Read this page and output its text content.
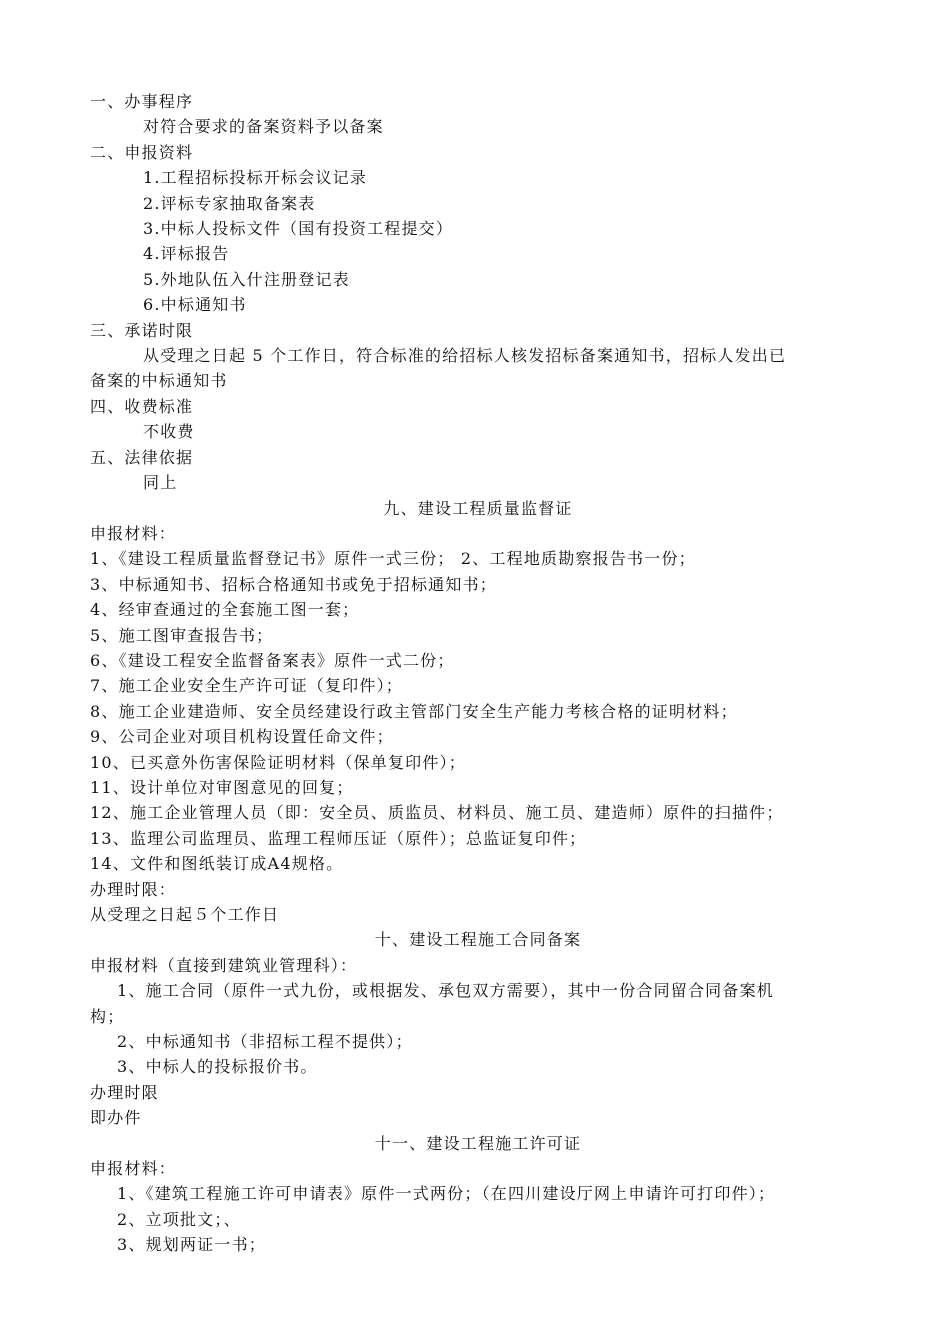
一、办事程序
对符合要求的备案资料予以备案
二、申报资料
1.工程招标投标开标会议记录
2.评标专家抽取备案表
3.中标人投标文件（国有投资工程提交）
4.评标报告
5.外地队伍入什注册登记表
6.中标通知书
三、承诺时限
从受理之日起 5 个工作日，符合标准的给招标人核发招标备案通知书，招标人发出已
备案的中标通知书
四、收费标准
不收费
五、法律依据
同上
九、建设工程质量监督证
申报材料：
1、《建设工程质量监督登记书》原件一式三份； 2、工程地质勘察报告书一份；
3、中标通知书、招标合格通知书或免于招标通知书；
4、经审查通过的全套施工图一套；
5、施工图审查报告书；
6、《建设工程安全监督备案表》原件一式二份；
7、施工企业安全生产许可证（复印件）；
8、施工企业建造师、安全员经建设行政主管部门安全生产能力考核合格的证明材料；
9、公司企业对项目机构设置任命文件；
10、已买意外伤害保险证明材料（保单复印件）；
11、设计单位对审图意见的回复；
12、施工企业管理人员（即：安全员、质监员、材料员、施工员、建造师）原件的扫描件；
13、监理公司监理员、监理工程师压证（原件）；总监证复印件；
14、文件和图纸装订成A4规格。
办理时限：
从受理之日起５个工作日
十、建设工程施工合同备案
申报材料（直接到建筑业管理科）：
1、施工合同（原件一式九份，或根据发、承包双方需要），其中一份合同留合同备案机
构；
2、中标通知书（非招标工程不提供）；
3、中标人的投标报价书。
办理时限
即办件
十一、建设工程施工许可证
申报材料：
1、《建筑工程施工许可申请表》原件一式两份；（在四川建设厅网上申请许可打印件）；
2、立项批文；、
3、规划两证一书；
